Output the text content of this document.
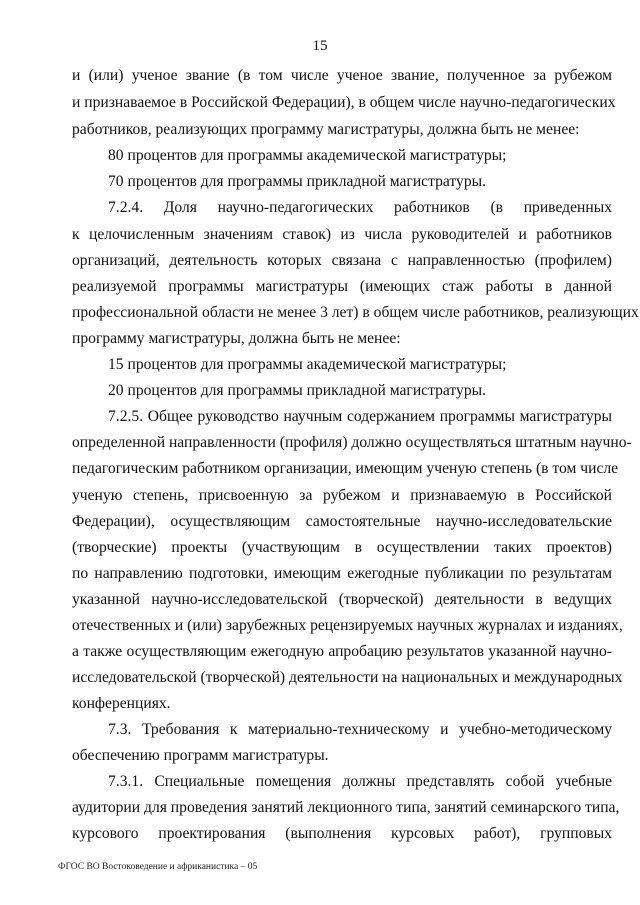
15
и (или) ученое звание (в том числе ученое звание, полученное за рубежом
и признаваемое в Российской Федерации), в общем числе научно-педагогических
работников, реализующих программу магистратуры, должна быть не менее:
80 процентов для программы академической магистратуры;
70 процентов для программы прикладной магистратуры.
7.2.4. Доля научно-педагогических работников (в приведенных
к целочисленным значениям ставок) из числа руководителей и работников
организаций, деятельность которых связана с направленностью (профилем)
реализуемой программы магистратуры (имеющих стаж работы в данной
профессиональной области не менее 3 лет) в общем числе работников, реализующих
программу магистратуры, должна быть не менее:
15 процентов для программы академической магистратуры;
20 процентов для программы прикладной магистратуры.
7.2.5. Общее руководство научным содержанием программы магистратуры
определенной направленности (профиля) должно осуществляться штатным научно-
педагогическим работником организации, имеющим ученую степень (в том числе
ученую степень, присвоенную за рубежом и признаваемую в Российской
Федерации), осуществляющим самостоятельные научно-исследовательские
(творческие) проекты (участвующим в осуществлении таких проектов)
по направлению подготовки, имеющим ежегодные публикации по результатам
указанной научно-исследовательской (творческой) деятельности в ведущих
отечественных и (или) зарубежных рецензируемых научных журналах и изданиях,
а также осуществляющим ежегодную апробацию результатов указанной научно-
исследовательской (творческой) деятельности на национальных и международных
конференциях.
7.3. Требования к материально-техническому и учебно-методическому
обеспечению программ магистратуры.
7.3.1. Специальные помещения должны представлять собой учебные
аудитории для проведения занятий лекционного типа, занятий семинарского типа,
курсового проектирования (выполнения курсовых работ), групповых
ФГОС ВО Востоковедение и африканистика – 05
